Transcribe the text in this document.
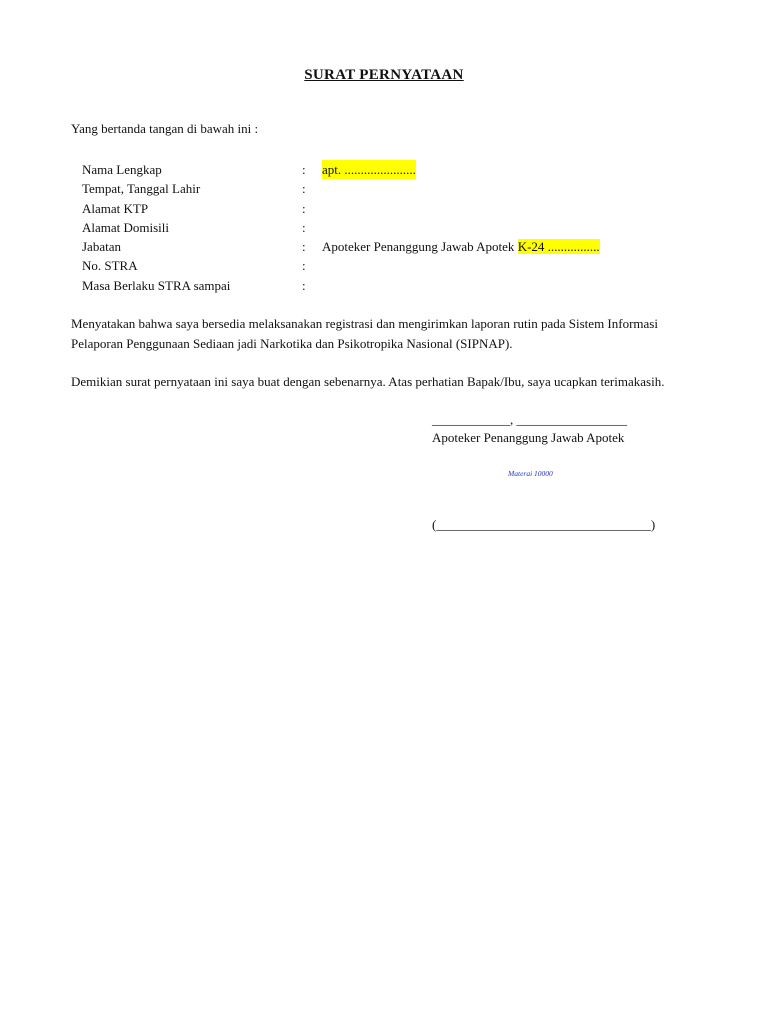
SURAT PERNYATAAN
Yang bertanda tangan di bawah ini :
Nama Lengkap	: apt. ......................
Tempat, Tanggal Lahir	:
Alamat KTP	:
Alamat Domisili	:
Jabatan	: Apoteker Penanggung Jawab Apotek K-24 ................
No. STRA	:
Masa Berlaku STRA sampai	:
Menyatakan bahwa saya bersedia melaksanakan registrasi dan mengirimkan laporan rutin pada Sistem Informasi
Pelaporan Penggunaan Sediaan jadi Narkotika dan Psikotropika Nasional (SIPNAP).
Demikian surat pernyataan ini saya buat dengan sebenarnya. Atas perhatian Bapak/Ibu, saya ucapkan terimakasih.
____________, _________________
Apoteker Penanggung Jawab Apotek
Materai 10000
(_________________________________)
